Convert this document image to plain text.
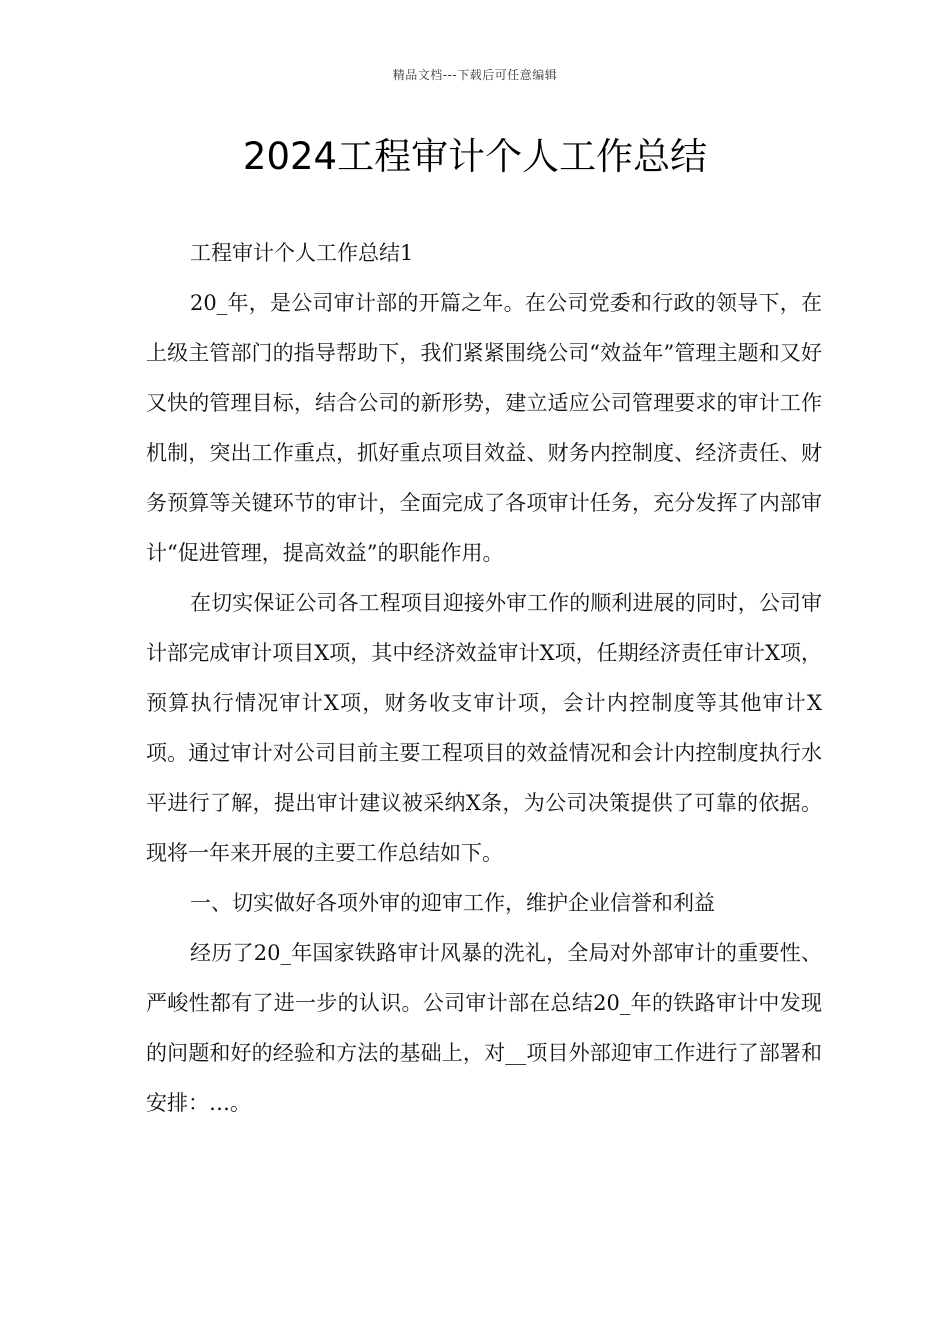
精品文档---下载后可任意编辑
2024工程审计个人工作总结

工程审计个人工作总结1

20_年，是公司审计部的开篇之年。在公司党委和行政的领导下，在上级主管部门的指导帮助下，我们紧紧围绕公司“效益年”管理主题和又好又快的管理目标，结合公司的新形势，建立适应公司管理要求的审计工作机制，突出工作重点，抓好重点项目效益、财务内控制度、经济责任、财务预算等关键环节的审计，全面完成了各项审计任务，充分发挥了内部审计“促进管理，提高效益”的职能作用。

在切实保证公司各工程项目迎接外审工作的顺利进展的同时，公司审计部完成审计项目X项，其中经济效益审计X项，任期经济责任审计X项，预算执行情况审计X项，财务收支审计项，会计内控制度等其他审计X项。通过审计对公司目前主要工程项目的效益情况和会计内控制度执行水平进行了解，提出审计建议被采纳X条，为公司决策提供了可靠的依据。现将一年来开展的主要工作总结如下。

一、切实做好各项外审的迎审工作，维护企业信誉和利益

经历了20_年国家铁路审计风暴的洗礼，全局对外部审计的重要性、严峻性都有了进一步的认识。公司审计部在总结20_年的铁路审计中发现的问题和好的经验和方法的基础上，对__项目外部迎审工作进行了部署和安排：…。
